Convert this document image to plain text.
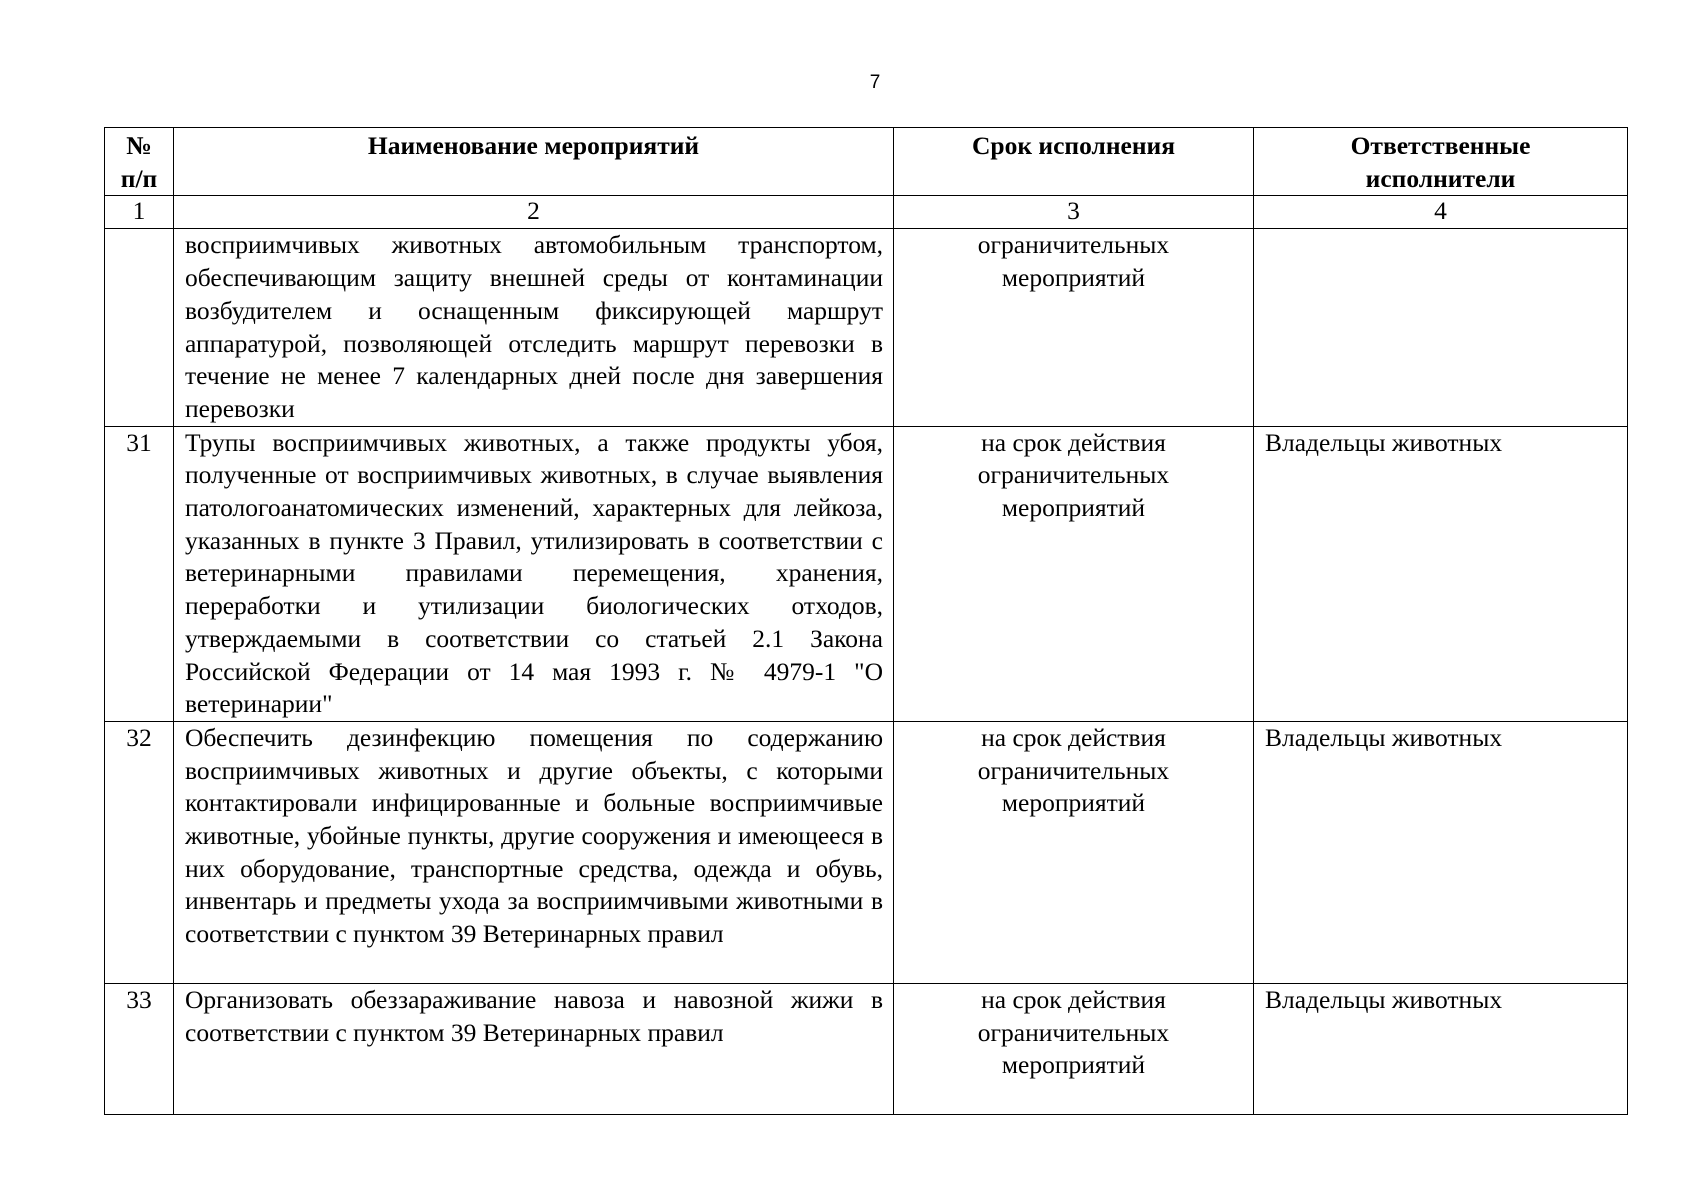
7
№ п/п	Наименование мероприятий	Срок исполнения	Ответственные исполнители
1	2	3	4
	восприимчивых животных автомобильным транспортом, обеспечивающим защиту внешней среды от контаминации возбудителем и оснащенным фиксирующей маршрут аппаратурой, позволяющей отследить маршрут перевозки в течение не менее 7 календарных дней после дня завершения перевозки	ограничительных мероприятий	
31	Трупы восприимчивых животных, а также продукты убоя, полученные от восприимчивых животных, в случае выявления патологоанатомических изменений, характерных для лейкоза, указанных в пункте 3 Правил, утилизировать в соответствии с ветеринарными правилами перемещения, хранения, переработки и утилизации биологических отходов, утверждаемыми в соответствии со статьей 2.1 Закона Российской Федерации от 14 мая 1993 г. № 4979-1 "О ветеринарии"	на срок действия ограничительных мероприятий	Владельцы животных
32	Обеспечить дезинфекцию помещения по содержанию восприимчивых животных и другие объекты, с которыми контактировали инфицированные и больные восприимчивые животные, убойные пункты, другие сооружения и имеющееся в них оборудование, транспортные средства, одежда и обувь, инвентарь и предметы ухода за восприимчивыми животными в соответствии с пунктом 39 Ветеринарных правил	на срок действия ограничительных мероприятий	Владельцы животных
33	Организовать обеззараживание навоза и навозной жижи в соответствии с пунктом 39 Ветеринарных правил	на срок действия ограничительных мероприятий	Владельцы животных
